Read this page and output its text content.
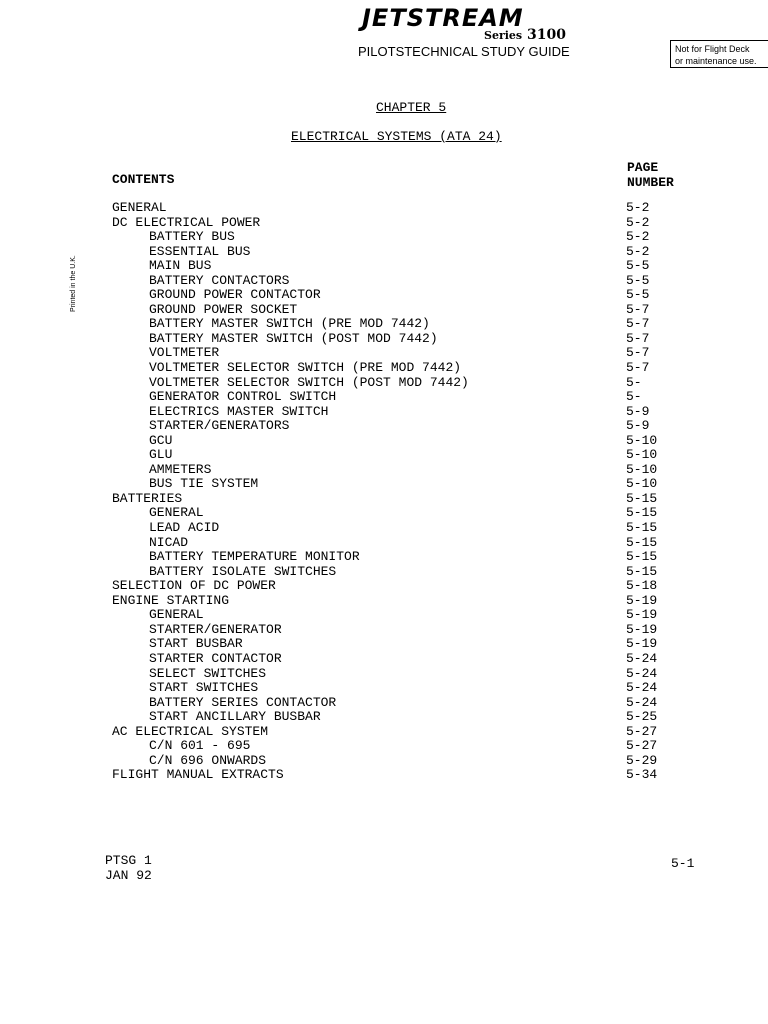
JETSTREAM
Series 3100
PILOTSTECHNICAL STUDY GUIDE	Not for Flight Deck
or maintenance use.
Printed in the U.K.
CHAPTER 5
ELECTRICAL SYSTEMS (ATA 24)
CONTENTS
PAGE
NUMBER
GENERAL	5-2
DC ELECTRICAL POWER	5-2
BATTERY BUS	5-2
ESSENTIAL BUS	5-2
MAIN BUS	5-5
BATTERY CONTACTORS	5-5
GROUND POWER CONTACTOR	5-5
GROUND POWER SOCKET	5-7
BATTERY MASTER SWITCH (PRE MOD 7442)	5-7
BATTERY MASTER SWITCH (POST MOD 7442)	5-7
VOLTMETER	5-7
VOLTMETER SELECTOR SWITCH (PRE MOD 7442)	5-7
VOLTMETER SELECTOR SWITCH (POST MOD 7442)	5-
GENERATOR CONTROL SWITCH	5-
ELECTRICS MASTER SWITCH	5-9
STARTER/GENERATORS	5-9
GCU	5-10
GLU	5-10
AMMETERS	5-10
BUS TIE SYSTEM	5-10
BATTERIES	5-15
GENERAL	5-15
LEAD ACID	5-15
NICAD	5-15
BATTERY TEMPERATURE MONITOR	5-15
BATTERY ISOLATE SWITCHES	5-15
SELECTION OF DC POWER	5-18
ENGINE STARTING	5-19
GENERAL	5-19
STARTER/GENERATOR	5-19
START BUSBAR	5-19
STARTER CONTACTOR	5-24
SELECT SWITCHES	5-24
START SWITCHES	5-24
BATTERY SERIES CONTACTOR	5-24
START ANCILLARY BUSBAR	5-25
AC ELECTRICAL SYSTEM	5-27
C/N 601 - 695	5-27
C/N 696 ONWARDS	5-29
FLIGHT MANUAL EXTRACTS	5-34
PTSG 1
JAN 92
5-1
